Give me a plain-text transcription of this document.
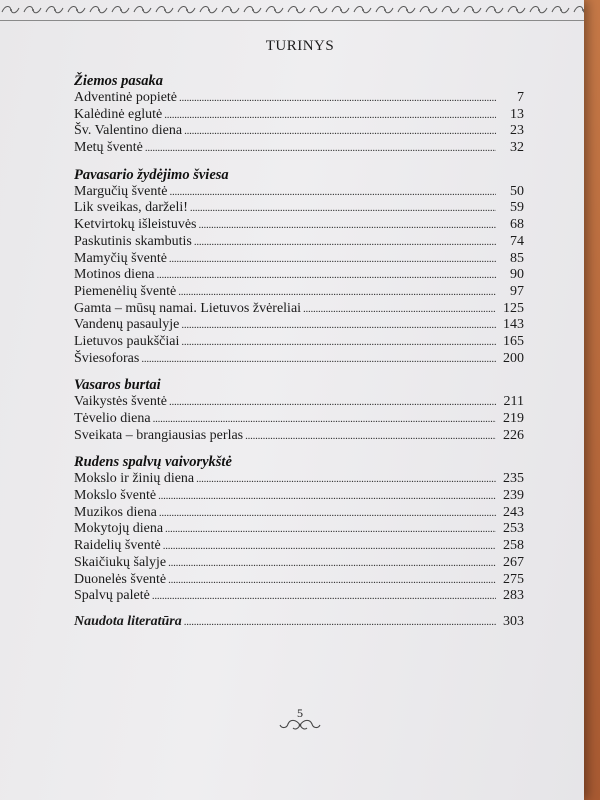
TURINYS
Žiemos pasaka
Adventinė popietė . . .	7
Kalėdinė eglutė . . .	13
Šv. Valentino diena . . .	23
Metų šventė . . .	32
Pavasario žydėjimo šviesa
Margučių šventė . . .	50
Lik sveikas, darželi! . . .	59
Ketvirtokų išleistuvės . . .	68
Paskutinis skambutis . . .	74
Mamyčių šventė . . .	85
Motinos diena . . .	90
Piemenėlių šventė . . .	97
Gamta – mūsų namai. Lietuvos žvėreliai . . .	125
Vandenų pasaulyje . . .	143
Lietuvos paukščiai . . .	165
Šviesoforas . . .	200
Vasaros burtai
Vaikystės šventė . . .	211
Tėvelio diena . . .	219
Sveikata – brangiausias perlas . . .	226
Rudens spalvų vaivorykštė
Mokslo ir žinių diena . . .	235
Mokslo šventė . . .	239
Muzikos diena . . .	243
Mokytojų diena . . .	253
Raidelių šventė . . .	258
Skaičiukų šalyje . . .	267
Duonelės šventė . . .	275
Spalvų paletė . . .	283
Naudota literatūra . . .	303
5
